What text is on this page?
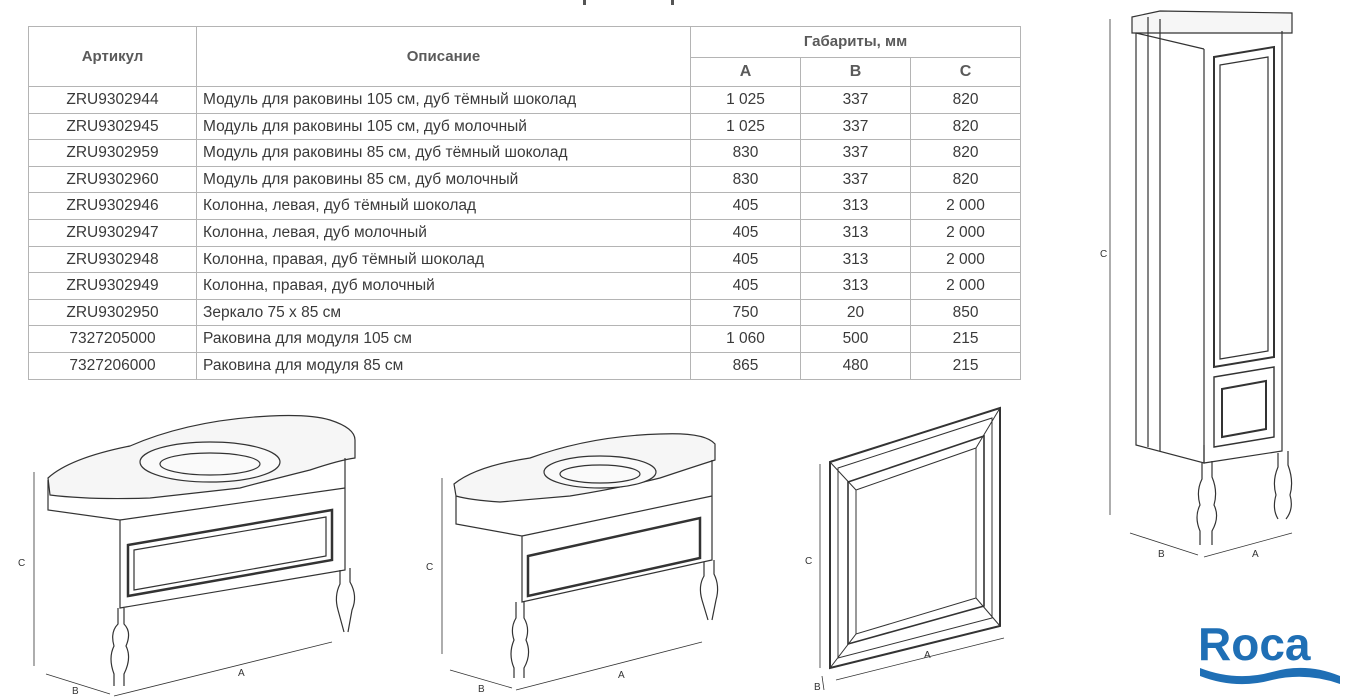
Артикул	Описание	Габариты, мм		
		A	B	C
ZRU9302944	Модуль для раковины 105 см, дуб тёмный шоколад	1 025	337	820
ZRU9302945	Модуль для раковины 105 см, дуб молочный	1 025	337	820
ZRU9302959	Модуль для раковины 85 см, дуб тёмный шоколад	830	337	820
ZRU9302960	Модуль для раковины 85 см, дуб молочный	830	337	820
ZRU9302946	Колонна, левая, дуб тёмный шоколад	405	313	2 000
ZRU9302947	Колонна, левая, дуб молочный	405	313	2 000
ZRU9302948	Колонна, правая, дуб тёмный шоколад	405	313	2 000
ZRU9302949	Колонна, правая, дуб молочный	405	313	2 000
ZRU9302950	Зеркало 75 х 85 см	750	20	850
7327205000	Раковина для модуля 105 см	1 060	500	215
7327206000	Раковина для модуля 85 см	865	480	215
C
A
B
C
A
B
C
A
B
C
B	A
Roca
